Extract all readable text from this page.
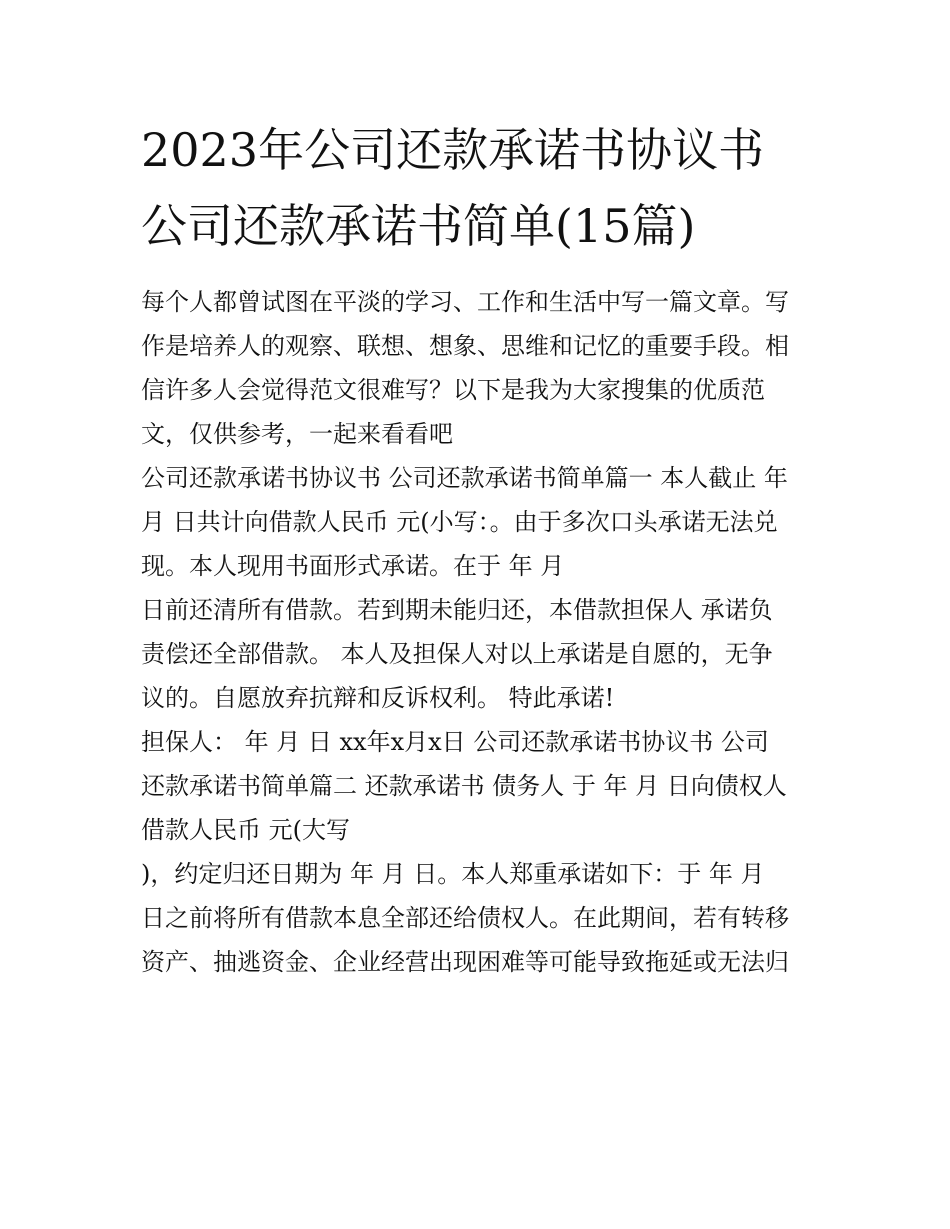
2023年公司还款承诺书协议书
公司还款承诺书简单(15篇)
每个人都曾试图在平淡的学习、工作和生活中写一篇文章。写
作是培养人的观察、联想、想象、思维和记忆的重要手段。相
信许多人会觉得范文很难写？以下是我为大家搜集的优质范
文，仅供参考，一起来看看吧
公司还款承诺书协议书 公司还款承诺书简单篇一 本人截止 年
月 日共计向借款人民币 元(小写：。由于多次口头承诺无法兑
现。本人现用书面形式承诺。在于 年 月
日前还清所有借款。若到期未能归还，本借款担保人 承诺负
责偿还全部借款。 本人及担保人对以上承诺是自愿的，无争
议的。自愿放弃抗辩和反诉权利。 特此承诺!
担保人： 年 月 日 xx年x月x日 公司还款承诺书协议书 公司
还款承诺书简单篇二 还款承诺书 债务人 于 年 月 日向债权人
借款人民币 元(大写
)，约定归还日期为 年 月 日。本人郑重承诺如下：于 年 月
日之前将所有借款本息全部还给债权人。在此期间，若有转移
资产、抽逃资金、企业经营出现困难等可能导致拖延或无法归
